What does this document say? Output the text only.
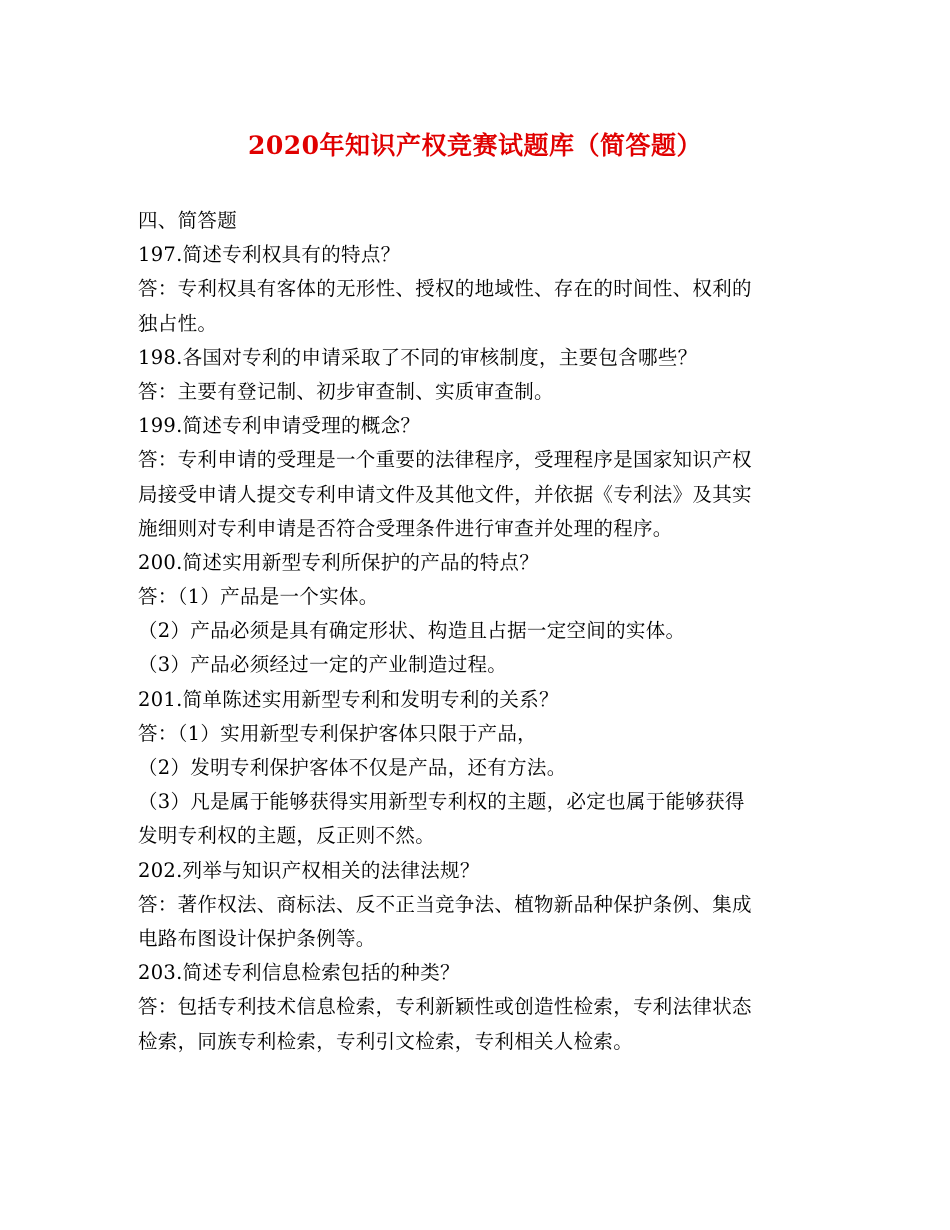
2020年知识产权竞赛试题库（简答题）
四、简答题
197.简述专利权具有的特点？
答：专利权具有客体的无形性、授权的地域性、存在的时间性、权利的
独占性。
198.各国对专利的申请采取了不同的审核制度，主要包含哪些？
答：主要有登记制、初步审查制、实质审查制。
199.简述专利申请受理的概念？
答：专利申请的受理是一个重要的法律程序，受理程序是国家知识产权
局接受申请人提交专利申请文件及其他文件，并依据《专利法》及其实
施细则对专利申请是否符合受理条件进行审查并处理的程序。
200.简述实用新型专利所保护的产品的特点？
答：（1）产品是一个实体。
（2）产品必须是具有确定形状、构造且占据一定空间的实体。
（3）产品必须经过一定的产业制造过程。
201.简单陈述实用新型专利和发明专利的关系？
答：（1）实用新型专利保护客体只限于产品，
（2）发明专利保护客体不仅是产品，还有方法。
（3）凡是属于能够获得实用新型专利权的主题，必定也属于能够获得
发明专利权的主题，反正则不然。
202.列举与知识产权相关的法律法规？
答：著作权法、商标法、反不正当竞争法、植物新品种保护条例、集成
电路布图设计保护条例等。
203.简述专利信息检索包括的种类？
答：包括专利技术信息检索，专利新颖性或创造性检索，专利法律状态
检索，同族专利检索，专利引文检索，专利相关人检索。
